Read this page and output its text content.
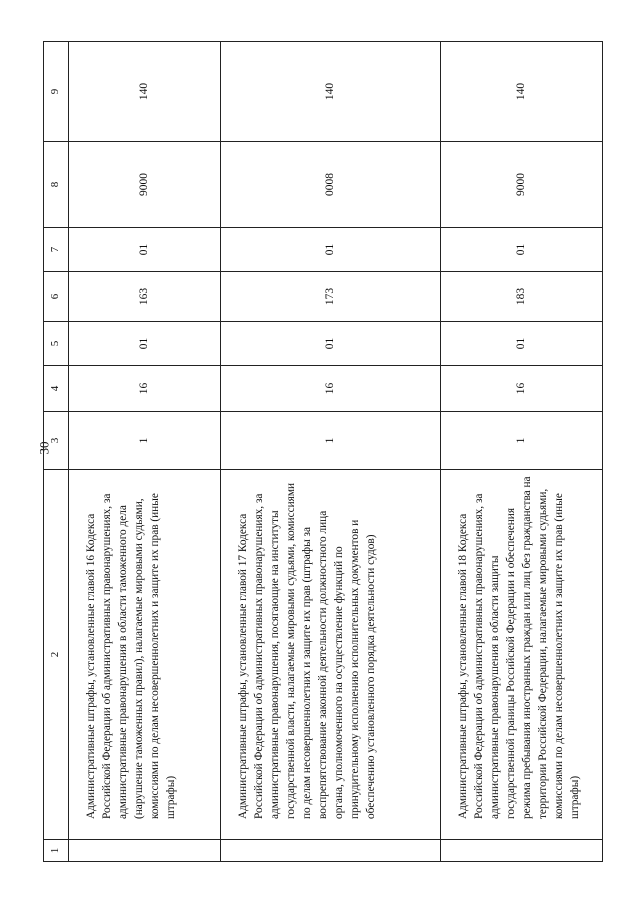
30
1	2	3	4	5	6	7	8	9
	Административные штрафы, установленные главой 16 Кодекса Российской Федерации об административных правонарушениях, за административные правонарушения в области таможенного дела (нарушение таможенных правил), налагаемые мировыми судьями, комиссиями по делам несовершеннолетних и защите их прав (иные штрафы)	1	16	01	163	01	9000	140
	Административные штрафы, установленные главой 17 Кодекса Российской Федерации об административных правонарушениях, за административные правонарушения, посягающие на институты государственной власти, налагаемые мировыми судьями, комиссиями по делам несовершеннолетних и защите их прав (штрафы за воспрепятствование законной деятельности должностного лица органа, уполномоченного на осуществление функций по принудительному исполнению исполнительных документов и обеспечению установленного порядка деятельности судов)	1	16	01	173	01	0008	140
	Административные штрафы, установленные главой 18 Кодекса Российской Федерации об административных правонарушениях, за административные правонарушения в области защиты государственной границы Российской Федерации и обеспечения режима пребывания иностранных граждан или лиц без гражданства на территории Российской Федерации, налагаемые мировыми судьями, комиссиями по делам несовершеннолетних и защите их прав (иные штрафы)	1	16	01	183	01	9000	140
